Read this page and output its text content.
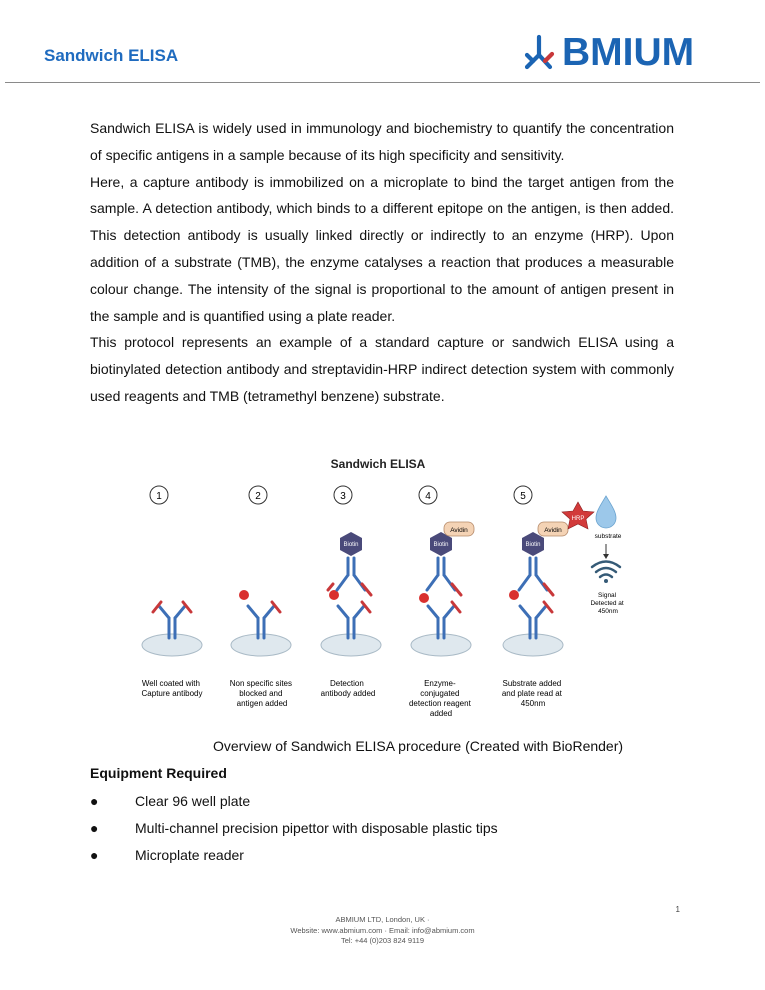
Sandwich ELISA	BMIUM

Sandwich ELISA is widely used in immunology and biochemistry to quantify the concentration of specific antigens in a sample because of its high specificity and sensitivity.

Here, a capture antibody is immobilized on a microplate to bind the target antigen from the sample. A detection antibody, which binds to a different epitope on the antigen, is then added. This detection antibody is usually linked directly or indirectly to an enzyme (HRP). Upon addition of a substrate (TMB), the enzyme catalyses a reaction that produces a measurable colour change. The intensity of the signal is proportional to the amount of antigen present in the sample and is quantified using a plate reader.

This protocol represents an example of a standard capture or sandwich ELISA using a biotinylated detection antibody and streptavidin-HRP indirect detection system with commonly used reagents and TMB (tetramethyl benzene) substrate.

Sandwich ELISA
1	2	3	4	5
Biotin	Biotin	Biotin
Avidin	Avidin
HRP
substrate
Signal Detected at 450nm
Well coated with Capture antibody
Non specific sites blocked and antigen added
Detection antibody added
Enzyme- conjugated detection reagent added
Substrate added and plate read at 450nm
Overview of Sandwich ELISA procedure (Created with BioRender)
Equipment Required
●	Clear 96 well plate
●	Multi-channel precision pipettor with disposable plastic tips
●	Microplate reader
1
ABMIUM LTD, London, UK ·
Website: www.abmium.com · Email: info@abmium.com
Tel: +44 (0)203 824 9119
